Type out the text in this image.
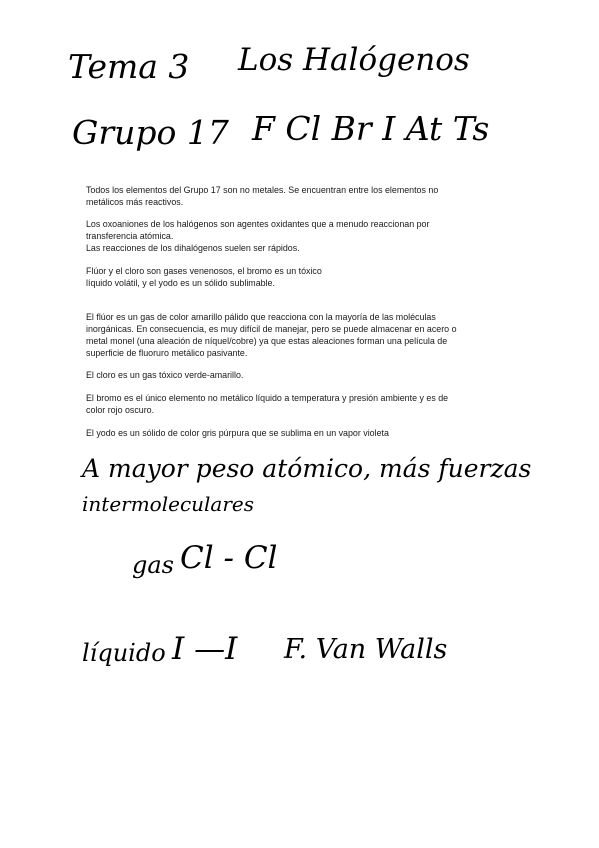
Tema 3 Los Halógenos
Grupo 17 F Cl Br I At Ts
Todos los elementos del Grupo 17 son no metales. Se encuentran entre los elementos no
metálicos más reactivos.
Los oxoaniones de los halógenos son agentes oxidantes que a menudo reaccionan por
transferencia atómica.
Las reacciones de los dihalógenos suelen ser rápidos.
Flúor y el cloro son gases venenosos, el bromo es un tóxico
líquido volátil, y el yodo es un sólido sublimable.
El flúor es un gas de color amarillo pálido que reacciona con la mayoría de las moléculas
inorgánicas. En consecuencia, es muy difícil de manejar, pero se puede almacenar en acero o
metal monel (una aleación de níquel/cobre) ya que estas aleaciones forman una película de
superficie de fluoruro metálico pasivante.
El cloro es un gas tóxico verde-amarillo.
El bromo es el único elemento no metálico líquido a temperatura y presión ambiente y es de
color rojo oscuro.
El yodo es un sólido de color gris púrpura que se sublima en un vapor violeta
A mayor peso atómico, más fuerzas
intermoleculares
gas Cl - Cl
líquido I —I F. Van Walls
